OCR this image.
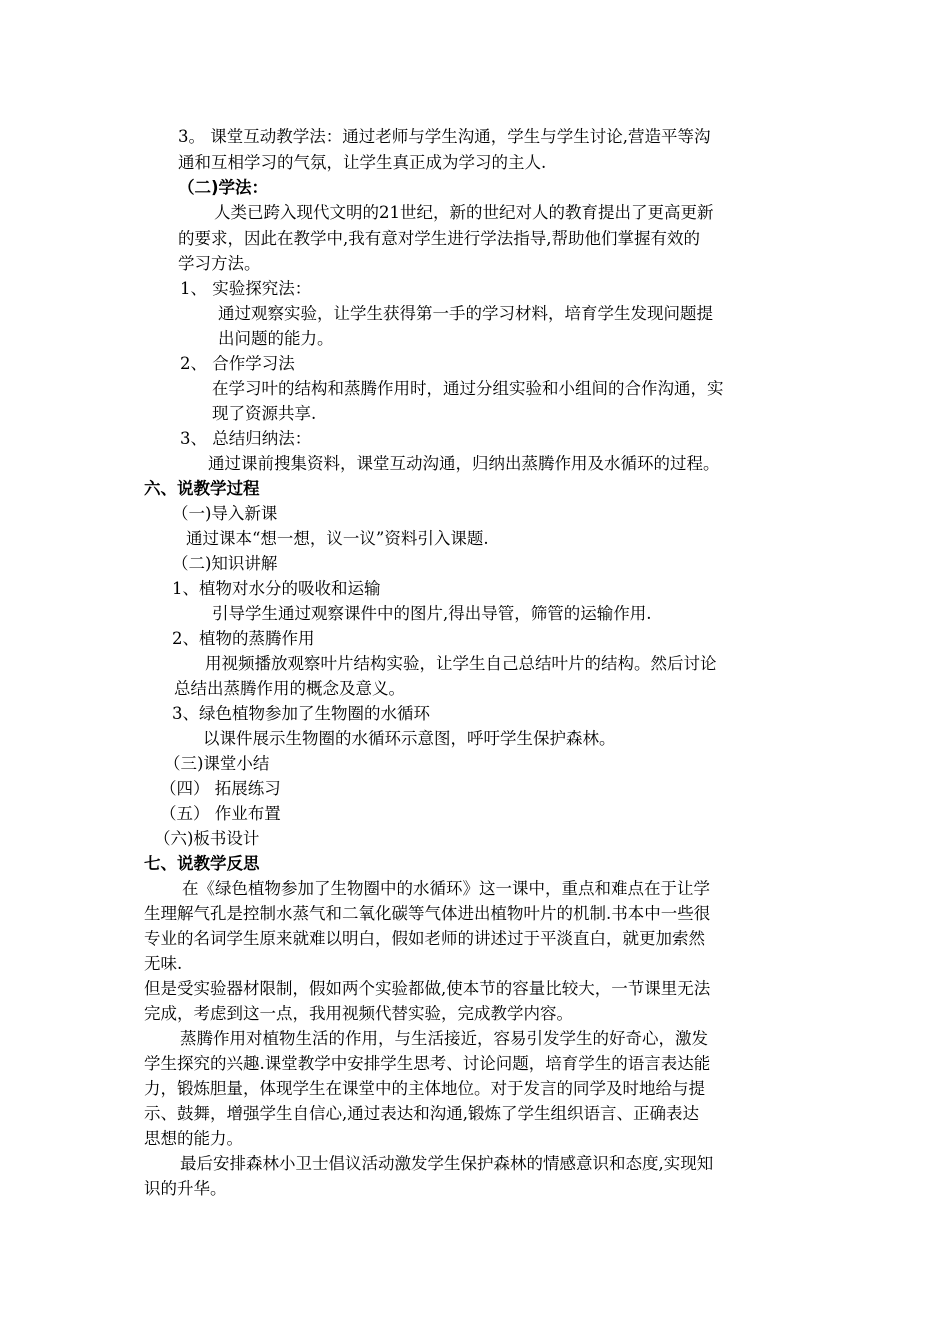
3。 课堂互动教学法：通过老师与学生沟通，学生与学生讨论,营造平等沟
通和互相学习的气氛，让学生真正成为学习的主人.
（二)学法：
人类已跨入现代文明的21世纪，新的世纪对人的教育提出了更高更新
的要求，因此在教学中,我有意对学生进行学法指导,帮助他们掌握有效的
学习方法。
1、 实验探究法：
通过观察实验，让学生获得第一手的学习材料，培育学生发现问题提
出问题的能力。
2、 合作学习法
在学习叶的结构和蒸腾作用时，通过分组实验和小组间的合作沟通，实
现了资源共享.
3、 总结归纳法：
通过课前搜集资料，课堂互动沟通，归纳出蒸腾作用及水循环的过程。
六、说教学过程
（一)导入新课
通过课本“想一想，议一议”资料引入课题.
（二)知识讲解
1、植物对水分的吸收和运输
引导学生通过观察课件中的图片,得出导管，筛管的运输作用.
2、植物的蒸腾作用
用视频播放观察叶片结构实验，让学生自己总结叶片的结构。然后讨论
总结出蒸腾作用的概念及意义。
3、绿色植物参加了生物圈的水循环
以课件展示生物圈的水循环示意图，呼吁学生保护森林。
（三)课堂小结
（四） 拓展练习
（五） 作业布置
（六)板书设计
七、说教学反思
在《绿色植物参加了生物圈中的水循环》这一课中，重点和难点在于让学
生理解气孔是控制水蒸气和二氧化碳等气体进出植物叶片的机制.书本中一些很
专业的名词学生原来就难以明白，假如老师的讲述过于平淡直白，就更加索然
无味.
但是受实验器材限制，假如两个实验都做,使本节的容量比较大，一节课里无法
完成，考虑到这一点，我用视频代替实验，完成教学内容。
蒸腾作用对植物生活的作用，与生活接近，容易引发学生的好奇心，激发
学生探究的兴趣.课堂教学中安排学生思考、讨论问题，培育学生的语言表达能
力，锻炼胆量，体现学生在课堂中的主体地位。对于发言的同学及时地给与提
示、鼓舞，增强学生自信心,通过表达和沟通,锻炼了学生组织语言、正确表达
思想的能力。
最后安排森林小卫士倡议活动激发学生保护森林的情感意识和态度,实现知
识的升华。
